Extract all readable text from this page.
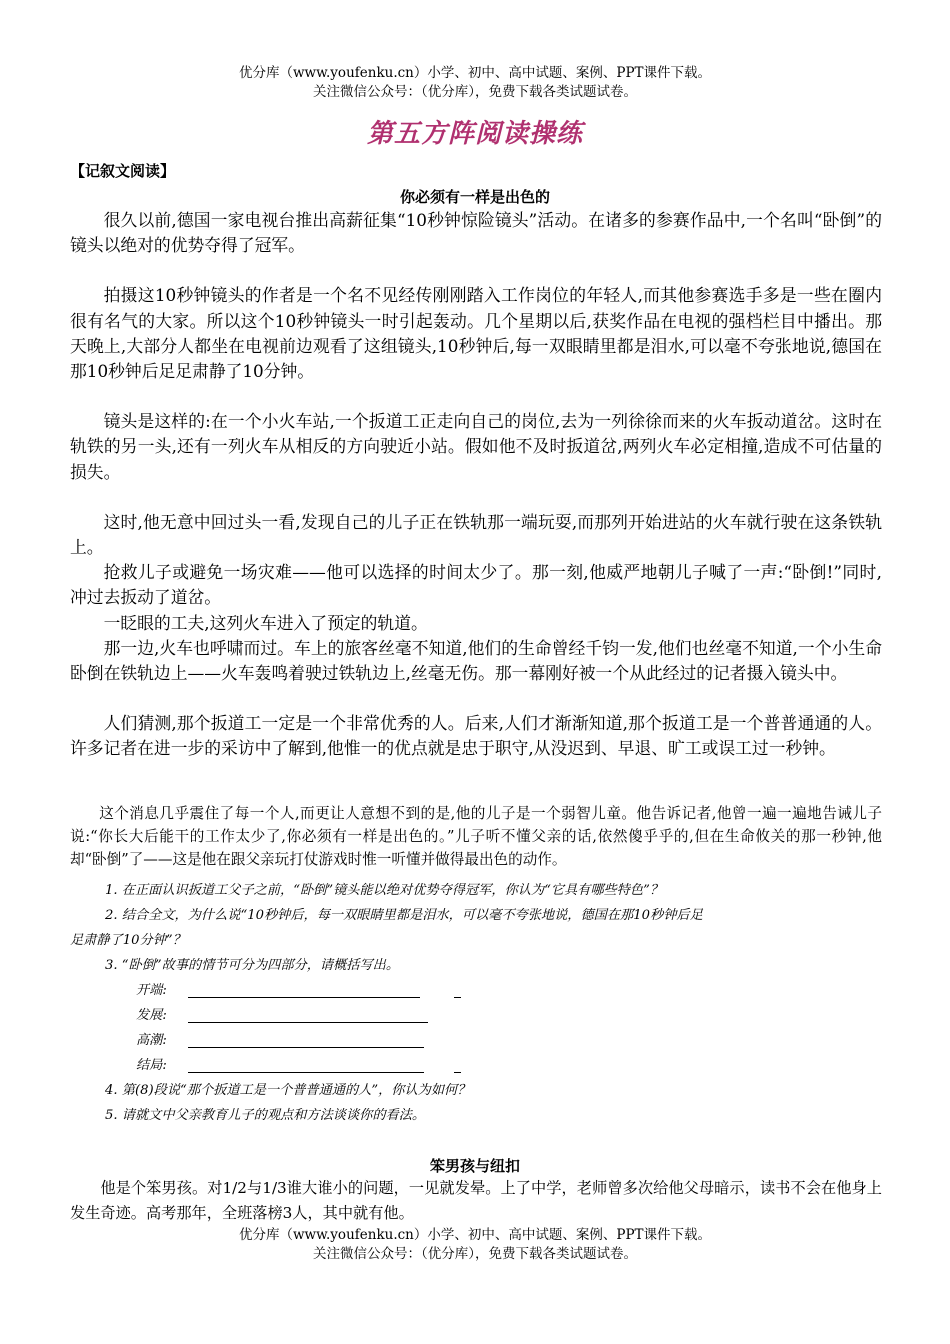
优分库（www.youfenku.cn）小学、初中、高中试题、案例、PPT课件下载。
关注微信公众号：（优分库），免费下载各类试题试卷。
第五方阵阅读操练
【记叙文阅读】
你必须有一样是出色的

很久以前,德国一家电视台推出高薪征集“10秒钟惊险镜头”活动。在诸多的参赛作品中,一个名叫“卧倒”的镜头以绝对的优势夺得了冠军。

拍摄这10秒钟镜头的作者是一个名不见经传刚刚踏入工作岗位的年轻人,而其他参赛选手多是一些在圈内很有名气的大家。所以这个10秒钟镜头一时引起轰动。几个星期以后,获奖作品在电视的强档栏目中播出。那天晚上,大部分人都坐在电视前边观看了这组镜头,10秒钟后,每一双眼睛里都是泪水,可以毫不夸张地说,德国在那10秒钟后足足肃静了10分钟。

镜头是这样的:在一个小火车站,一个扳道工正走向自己的岗位,去为一列徐徐而来的火车扳动道岔。这时在轨铁的另一头,还有一列火车从相反的方向驶近小站。假如他不及时扳道岔,两列火车必定相撞,造成不可估量的损失。

这时,他无意中回过头一看,发现自己的儿子正在铁轨那一端玩耍,而那列开始进站的火车就行驶在这条铁轨上。

抢救儿子或避免一场灾难——他可以选择的时间太少了。那一刻,他威严地朝儿子喊了一声:“卧倒!”同时,冲过去扳动了道岔。

一眨眼的工夫,这列火车进入了预定的轨道。

那一边,火车也呼啸而过。车上的旅客丝毫不知道,他们的生命曾经千钧一发,他们也丝毫不知道,一个小生命卧倒在铁轨边上——火车轰鸣着驶过铁轨边上,丝毫无伤。那一幕刚好被一个从此经过的记者摄入镜头中。

人们猜测,那个扳道工一定是一个非常优秀的人。后来,人们才渐渐知道,那个扳道工是一个普普通通的人。许多记者在进一步的采访中了解到,他惟一的优点就是忠于职守,从没迟到、早退、旷工或误工过一秒钟。

这个消息几乎震住了每一个人,而更让人意想不到的是,他的儿子是一个弱智儿童。他告诉记者,他曾一遍一遍地告诫儿子说:“你长大后能干的工作太少了,你必须有一样是出色的。”儿子听不懂父亲的话,依然傻乎乎的,但在生命攸关的那一秒钟,他却“卧倒”了——这是他在跟父亲玩打仗游戏时惟一听懂并做得最出色的动作。

1. 在正面认识扳道工父子之前，“卧倒”镜头能以绝对优势夺得冠军，你认为“它具有哪些特色”？

2. 结合全文，为什么说“10秒钟后，每一双眼睛里都是泪水，可以毫不夸张地说，德国在那10秒钟后足

足肃静了10分钟”？

3. “卧倒”故事的情节可分为四部分，请概括写出。

开端:
发展:
高潮:
结局:

4. 第(8)段说“那个扳道工是一个普普通通的人”，你认为如何？

5. 请就文中父亲教育儿子的观点和方法谈谈你的看法。

笨男孩与纽扣

他是个笨男孩。对1/2与1/3谁大谁小的问题，一见就发晕。上了中学，老师曾多次给他父母暗示，读书不会在他身上发生奇迹。高考那年，全班落榜3人，其中就有他。

优分库（www.youfenku.cn）小学、初中、高中试题、案例、PPT课件下载。
关注微信公众号：（优分库），免费下载各类试题试卷。
